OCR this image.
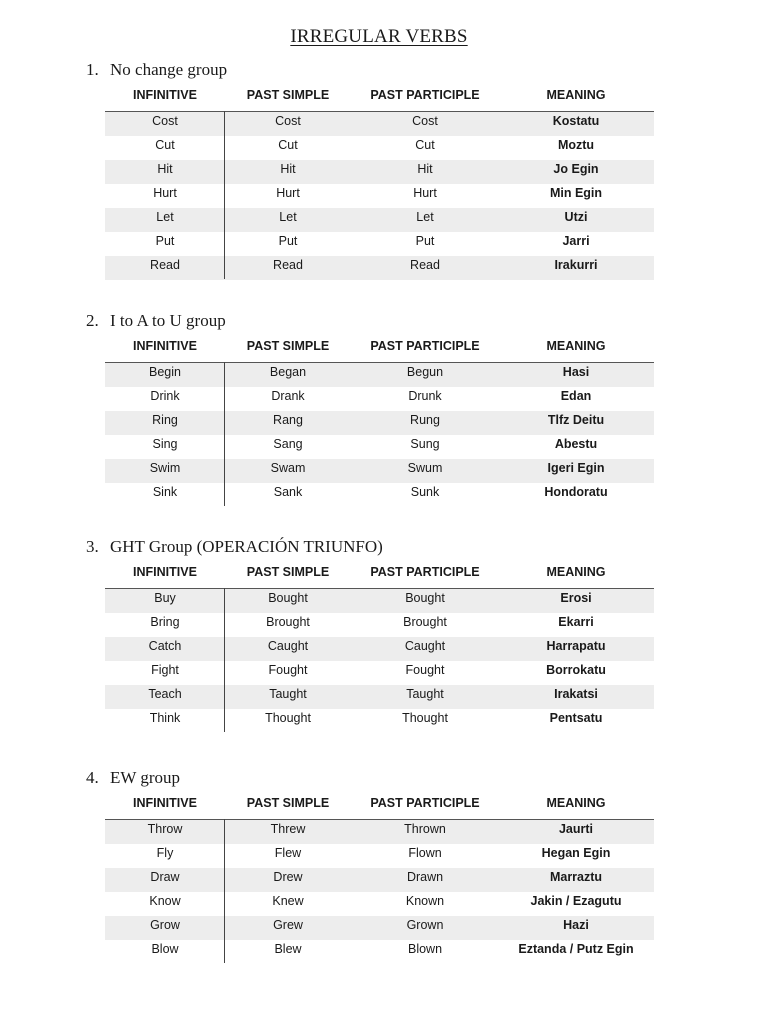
IRREGULAR VERBS
1. No change group
INFINITIVE	PAST SIMPLE	PAST PARTICIPLE	MEANING
Cost	Cost	Cost	Kostatu
Cut	Cut	Cut	Moztu
Hit	Hit	Hit	Jo Egin
Hurt	Hurt	Hurt	Min Egin
Let	Let	Let	Utzi
Put	Put	Put	Jarri
Read	Read	Read	Irakurri
2. I to A to U group
INFINITIVE	PAST SIMPLE	PAST PARTICIPLE	MEANING
Begin	Began	Begun	Hasi
Drink	Drank	Drunk	Edan
Ring	Rang	Rung	Tlfz Deitu
Sing	Sang	Sung	Abestu
Swim	Swam	Swum	Igeri Egin
Sink	Sank	Sunk	Hondoratu
3. GHT Group (OPERACIÓN TRIUNFO)
INFINITIVE	PAST SIMPLE	PAST PARTICIPLE	MEANING
Buy	Bought	Bought	Erosi
Bring	Brought	Brought	Ekarri
Catch	Caught	Caught	Harrapatu
Fight	Fought	Fought	Borrokatu
Teach	Taught	Taught	Irakatsi
Think	Thought	Thought	Pentsatu
4. EW group
INFINITIVE	PAST SIMPLE	PAST PARTICIPLE	MEANING
Throw	Threw	Thrown	Jaurti
Fly	Flew	Flown	Hegan Egin
Draw	Drew	Drawn	Marraztu
Know	Knew	Known	Jakin / Ezagutu
Grow	Grew	Grown	Hazi
Blow	Blew	Blown	Eztanda / Putz Egin
